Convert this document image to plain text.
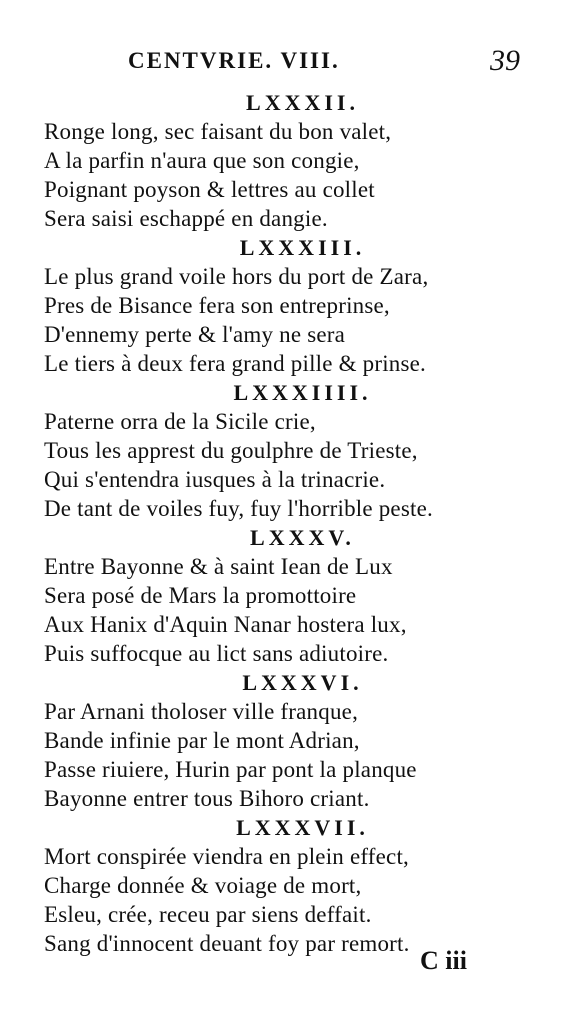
CENTVRIE. VIII.	39
LXXXII.
Ronge long, sec faisant du bon valet,
A la parfin n'aura que son congie,
Poignant poyson & lettres au collet
Sera saisi eschappé en dangie.
LXXXIII.
Le plus grand voile hors du port de Zara,
Pres de Bisance fera son entreprinse,
D'ennemy perte & l'amy ne sera
Le tiers à deux fera grand pille & prinse.
LXXXIIII.
Paterne orra de la Sicile crie,
Tous les apprest du goulphre de Trieste,
Qui s'entendra iusques à la trinacrie.
De tant de voiles fuy, fuy l'horrible peste.
LXXXV.
Entre Bayonne & à saint Iean de Lux
Sera posé de Mars la promottoire
Aux Hanix d'Aquin Nanar hostera lux,
Puis suffocque au lict sans adiutoire.
LXXXVI.
Par Arnani tholoser ville franque,
Bande infinie par le mont Adrian,
Passe riuiere, Hurin par pont la planque
Bayonne entrer tous Bihoro criant.
LXXXVII.
Mort conspirée viendra en plein effect,
Charge donnée & voiage de mort,
Esleu, crée, receu par siens deffait.
Sang d'innocent deuant foy par remort.
C iii
